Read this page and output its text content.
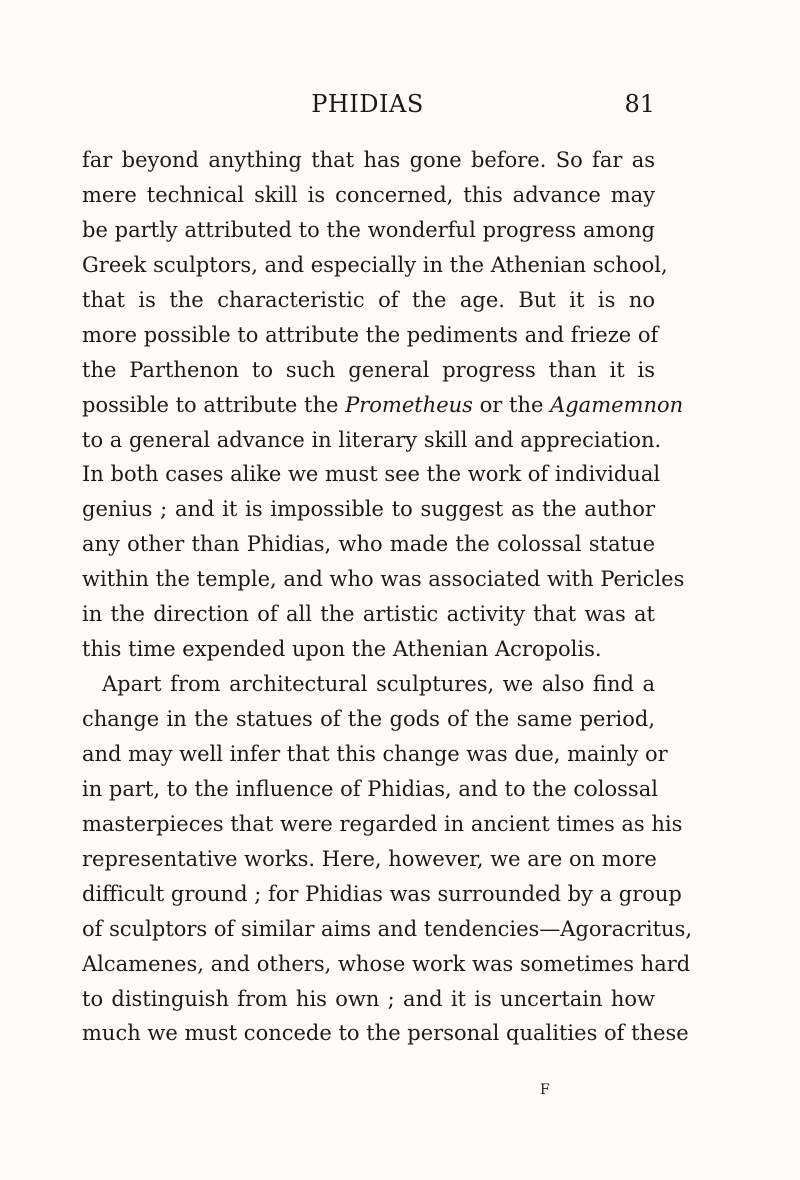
PHIDIAS	81
far beyond anything that has gone before. So far as
mere technical skill is concerned, this advance may
be partly attributed to the wonderful progress among
Greek sculptors, and especially in the Athenian school,
that is the characteristic of the age. But it is no
more possible to attribute the pediments and frieze of
the Parthenon to such general progress than it is
possible to attribute the Prometheus or the Agamemnon
to a general advance in literary skill and appreciation.
In both cases alike we must see the work of individual
genius ; and it is impossible to suggest as the author
any other than Phidias, who made the colossal statue
within the temple, and who was associated with Pericles
in the direction of all the artistic activity that was at
this time expended upon the Athenian Acropolis.
Apart from architectural sculptures, we also find a
change in the statues of the gods of the same period,
and may well infer that this change was due, mainly or
in part, to the influence of Phidias, and to the colossal
masterpieces that were regarded in ancient times as his
representative works. Here, however, we are on more
difficult ground ; for Phidias was surrounded by a group
of sculptors of similar aims and tendencies—Agoracritus,
Alcamenes, and others, whose work was sometimes hard
to distinguish from his own ; and it is uncertain how
much we must concede to the personal qualities of these
F
